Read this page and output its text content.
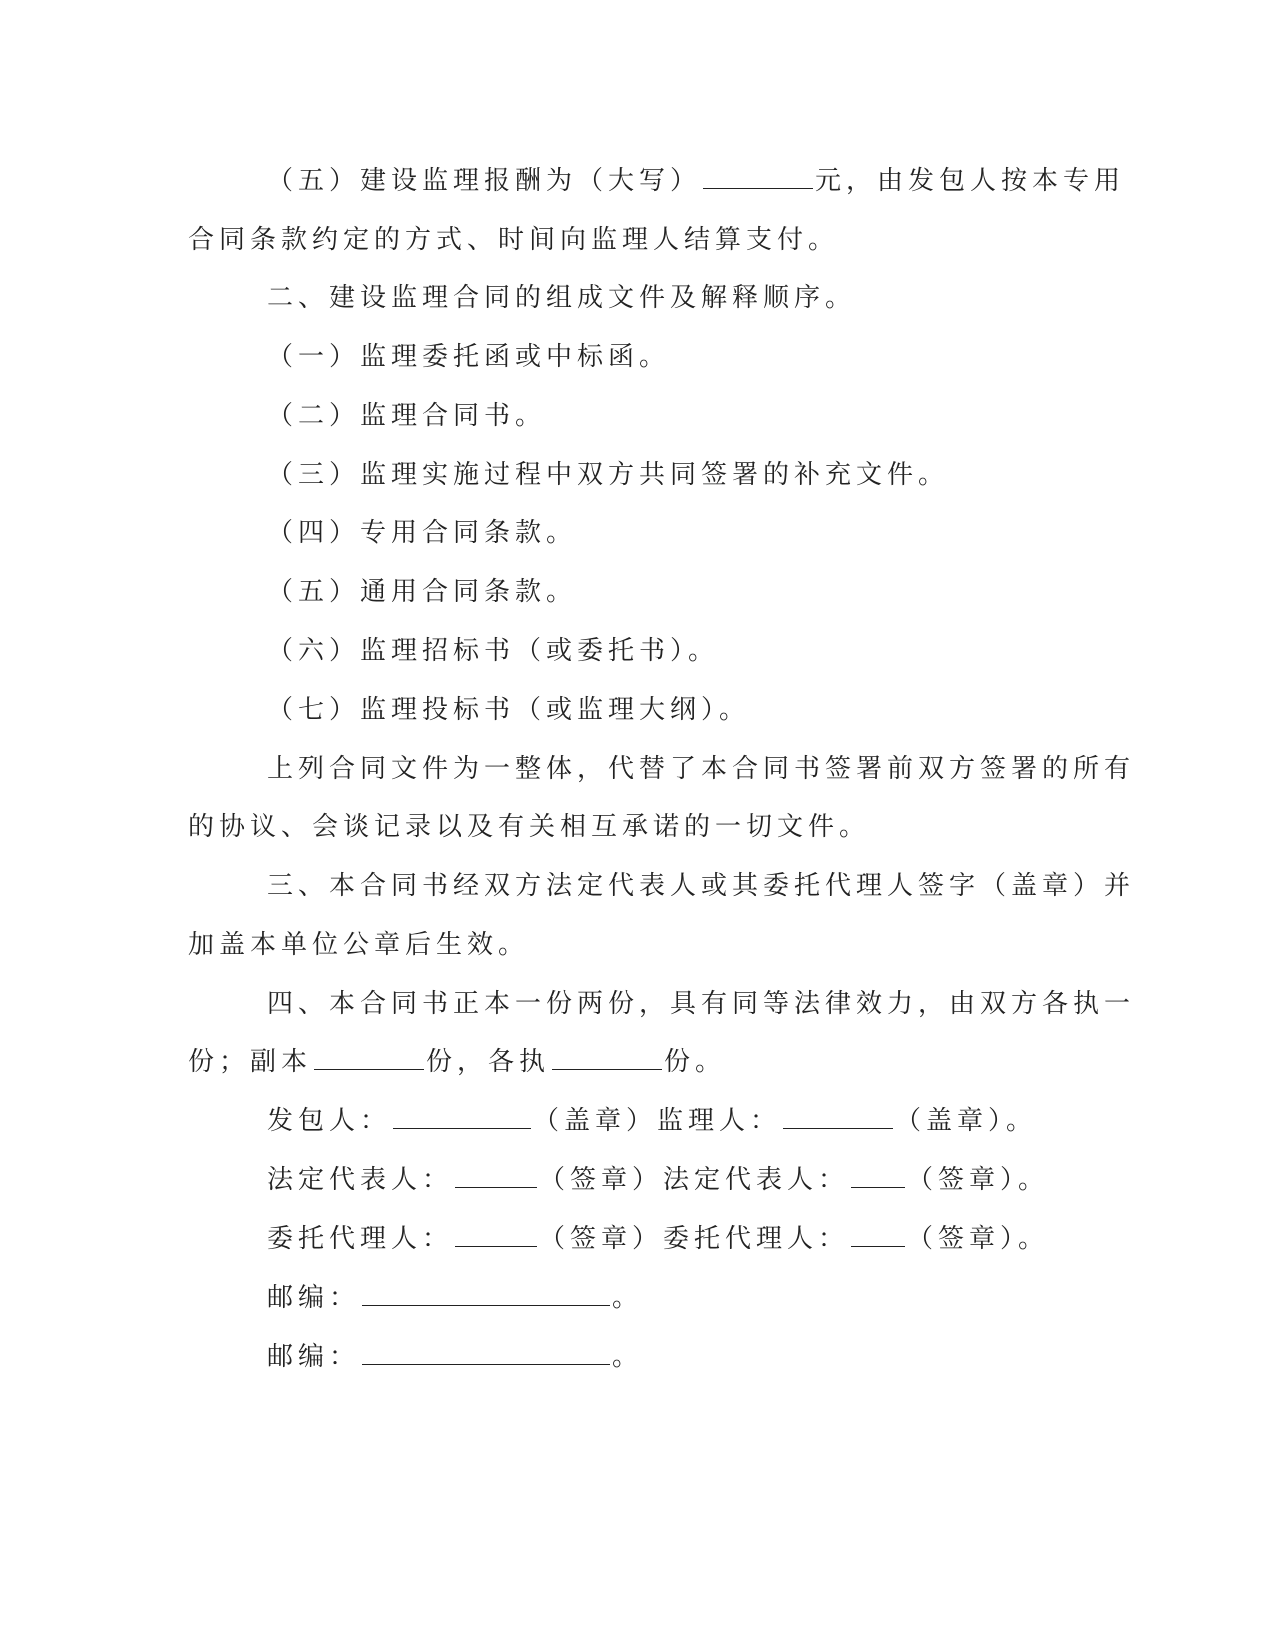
（五）建设监理报酬为（大写）	元，由发包人按本专用
合同条款约定的方式、时间向监理人结算支付。
二、建设监理合同的组成文件及解释顺序。
（一）监理委托函或中标函。
（二）监理合同书。
（三）监理实施过程中双方共同签署的补充文件。
（四）专用合同条款。
（五）通用合同条款。
（六）监理招标书（或委托书）。
（七）监理投标书（或监理大纲）。
上列合同文件为一整体，代替了本合同书签署前双方签署的所有
的协议、会谈记录以及有关相互承诺的一切文件。
三、本合同书经双方法定代表人或其委托代理人签字（盖章）并
加盖本单位公章后生效。
四、本合同书正本一份两份，具有同等法律效力，由双方各执一
份；副本	份，各执	份。
发包人：	（盖章）监理人：	（盖章）。
法定代表人：	（签章）法定代表人： （签章）。
委托代理人：	（签章）委托代理人： （签章）。
邮编：	。
邮编：	。
